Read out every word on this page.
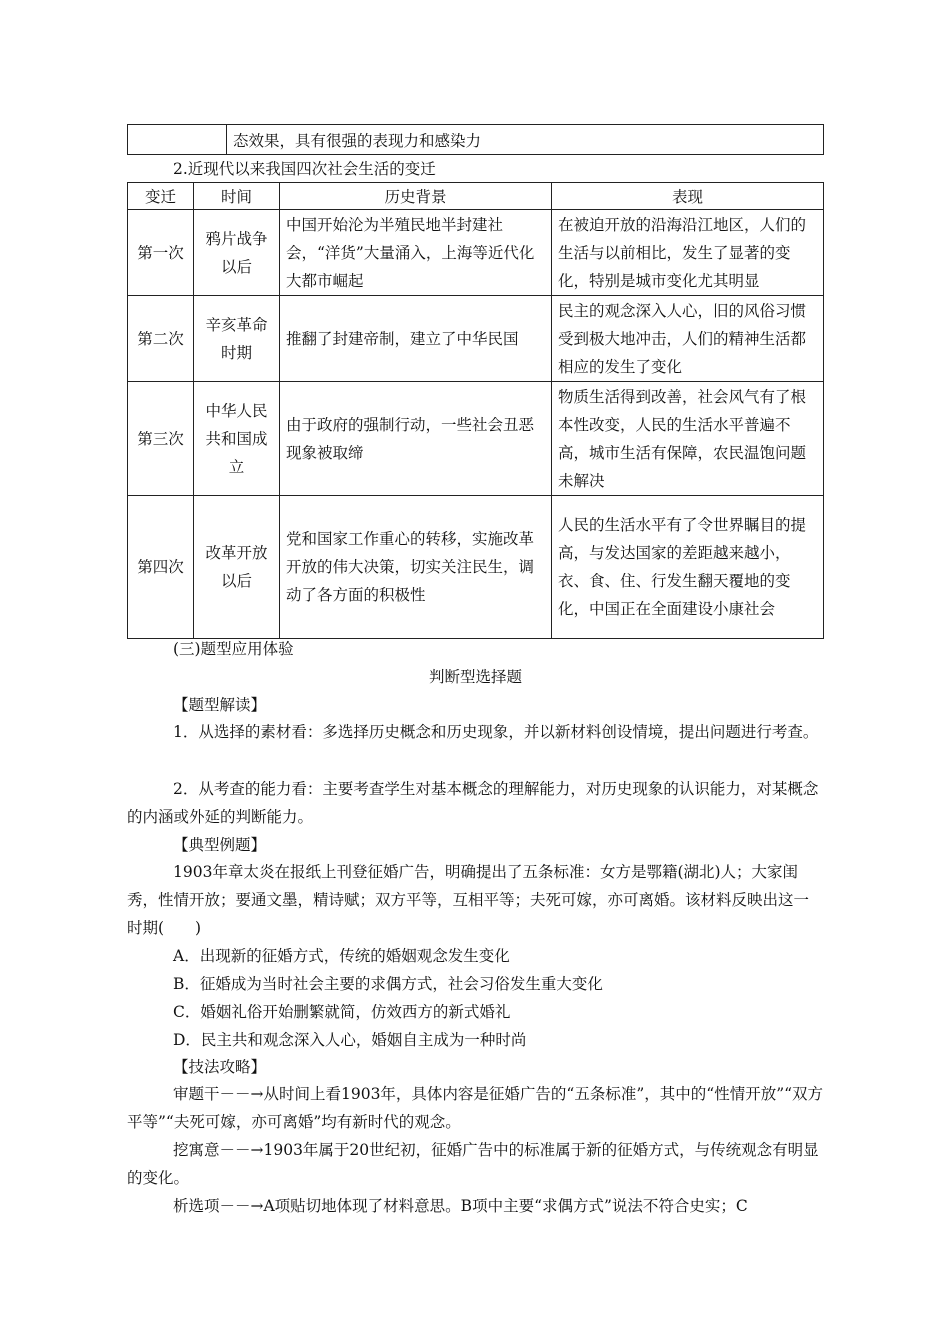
	态效果，具有很强的表现力和感染力
2.近现代以来我国四次社会生活的变迁
变迁	时间	历史背景	表现
第一次	鸦片战争以后	中国开始沦为半殖民地半封建社会，“洋货”大量涌入，上海等近代化大都市崛起	在被迫开放的沿海沿江地区，人们的生活与以前相比，发生了显著的变化，特别是城市变化尤其明显
第二次	辛亥革命时期	推翻了封建帝制，建立了中华民国	民主的观念深入人心，旧的风俗习惯受到极大地冲击，人们的精神生活都相应的发生了变化
第三次	中华人民共和国成立	由于政府的强制行动，一些社会丑恶现象被取缔	物质生活得到改善，社会风气有了根本性改变，人民的生活水平普遍不高，城市生活有保障，农民温饱问题未解决
第四次	改革开放以后	党和国家工作重心的转移，实施改革开放的伟大决策，切实关注民生，调动了各方面的积极性	人民的生活水平有了令世界瞩目的提高，与发达国家的差距越来越小，衣、食、住、行发生翻天覆地的变化，中国正在全面建设小康社会
(三)题型应用体验
判断型选择题
【题型解读】
1．从选择的素材看：多选择历史概念和历史现象，并以新材料创设情境，提出问题进行考查。
2．从考查的能力看：主要考查学生对基本概念的理解能力，对历史现象的认识能力，对某概念的内涵或外延的判断能力。
【典型例题】
1903年章太炎在报纸上刊登征婚广告，明确提出了五条标准：女方是鄂籍(湖北)人；大家闺秀，性情开放；要通文墨，精诗赋；双方平等，互相平等；夫死可嫁，亦可离婚。该材料反映出这一时期(　　)
A．出现新的征婚方式，传统的婚姻观念发生变化
B．征婚成为当时社会主要的求偶方式，社会习俗发生重大变化
C．婚姻礼俗开始删繁就简，仿效西方的新式婚礼
D．民主共和观念深入人心，婚姻自主成为一种时尚
【技法攻略】
审题干－－→从时间上看1903年，具体内容是征婚广告的“五条标准”，其中的“性情开放”“双方平等”“夫死可嫁，亦可离婚”均有新时代的观念。
挖寓意－－→1903年属于20世纪初，征婚广告中的标准属于新的征婚方式，与传统观念有明显的变化。
析选项－－→A项贴切地体现了材料意思。B项中主要“求偶方式”说法不符合史实；C
